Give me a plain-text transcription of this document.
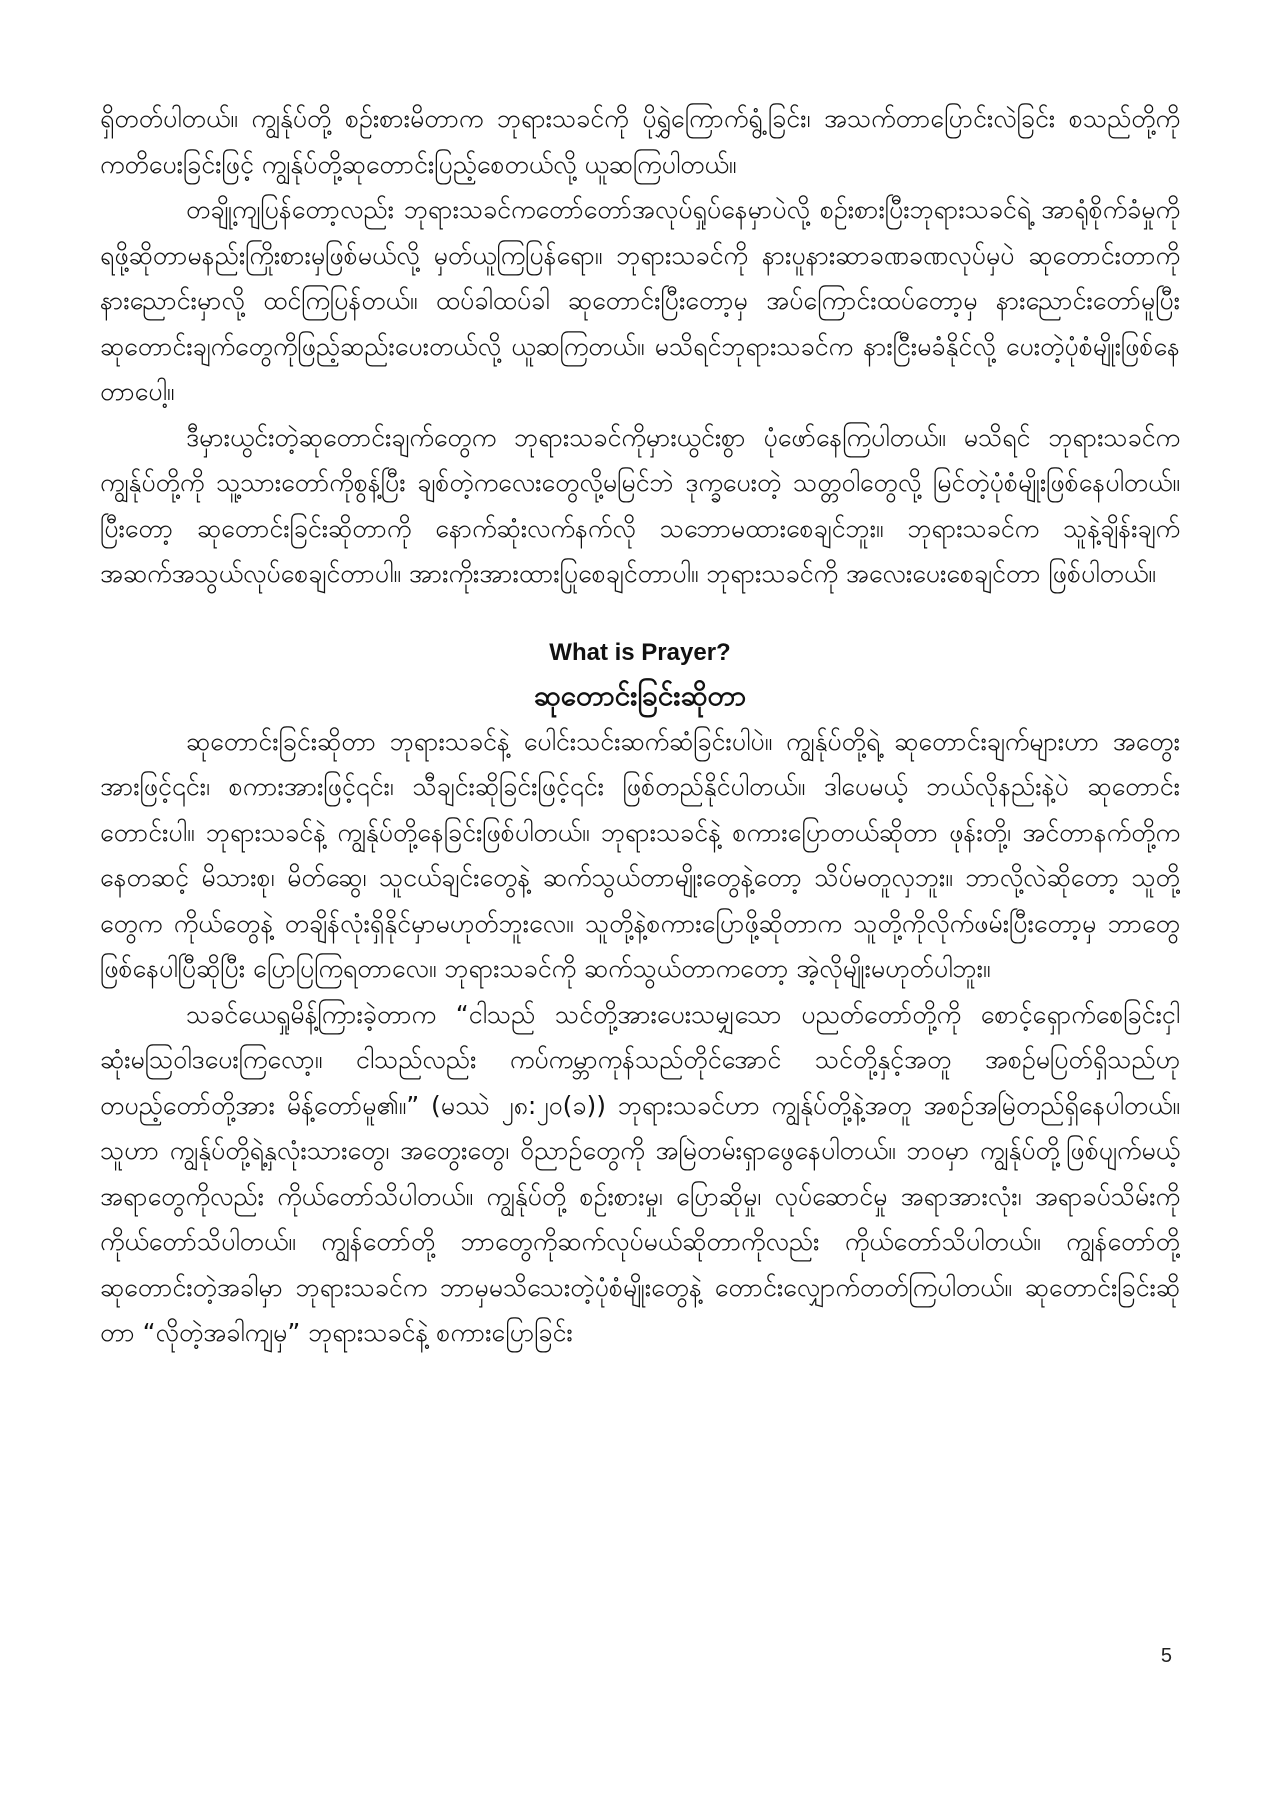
ရှိတတ်ပါတယ်။ ကျွန်ုပ်တို့ စဉ်းစားမိတာက ဘုရားသခင်ကို ပိုရွှဲကြောက်ရွံ့ခြင်း၊ အသက်တာပြောင်းလဲခြင်း စသည်တို့ကို ကတိပေးခြင်းဖြင့် ကျွန်ုပ်တို့ဆုတောင်းပြည့်စေတယ်လို့ ယူဆကြပါတယ်။

တချို့ကျပြန်တော့လည်း ဘုရားသခင်ကတော်တော်အလုပ်ရှုပ်နေမှာပဲလို့ စဉ်းစားပြီးဘုရားသခင်ရဲ့ အာရုံစိုက်ခံမှုကို ရဖို့ဆိုတာမနည်းကြိုးစားမှဖြစ်မယ်လို့ မှတ်ယူကြပြန်ရော။ ဘုရားသခင်ကို နားပူနားဆာခဏခဏလုပ်မှပဲ ဆုတောင်းတာကိုနားညောင်းမှာလို့ ထင်ကြပြန်တယ်။ ထပ်ခါထပ်ခါ ဆုတောင်းပြီးတော့မှ အပ်ကြောင်းထပ်တော့မှ နားညောင်းတော်မူပြီး ဆုတောင်းချက်တွေကိုဖြည့်ဆည်းပေးတယ်လို့ ယူဆကြတယ်။ မသိရင်ဘုရားသခင်က နားငြီးမခံနိုင်လို့ ပေးတဲ့ပုံစံမျိုးဖြစ်နေတာပေါ့။

ဒီမှားယွင်းတဲ့ဆုတောင်းချက်တွေက ဘုရားသခင်ကိုမှားယွင်းစွာ ပုံဖော်နေကြပါတယ်။ မသိရင် ဘုရားသခင်က ကျွန်ုပ်တို့ကို သူ့သားတော်ကိုစွန့်ပြီး ချစ်တဲ့ကလေးတွေလို့မမြင်ဘဲ ဒုက္ခပေးတဲ့ သတ္တဝါတွေလို့ မြင်တဲ့ပုံစံမျိုးဖြစ်နေပါတယ်။ ပြီးတော့ ဆုတောင်းခြင်းဆိုတာကို နောက်ဆုံးလက်နက်လို သဘောမထားစေချင်ဘူး။ ဘုရားသခင်က သူနဲ့ချိန်းချက် အဆက်အသွယ်လုပ်စေချင်တာပါ။ အားကိုးအားထားပြုစေချင်တာပါ။ ဘုရားသခင်ကို အလေးပေးစေချင်တာ ဖြစ်ပါတယ်။

What is Prayer?

ဆုတောင်းခြင်းဆိုတာ

ဆုတောင်းခြင်းဆိုတာ ဘုရားသခင်နဲ့ ပေါင်းသင်းဆက်ဆံခြင်းပါပဲ။ ကျွန်ုပ်တို့ရဲ့ ဆုတောင်းချက်များဟာ အတွေးအားဖြင့်၎င်း၊ စကားအားဖြင့်၎င်း၊ သီချင်းဆိုခြင်းဖြင့်၎င်း ဖြစ်တည်နိုင်ပါတယ်။ ဒါပေမယ့် ဘယ်လိုနည်းနဲ့ပဲ ဆုတောင်းတောင်းပါ။ ဘုရားသခင်နဲ့ ကျွန်ုပ်တို့နေခြင်းဖြစ်ပါတယ်။ ဘုရားသခင်နဲ့ စကားပြောတယ်ဆိုတာ ဖုန်းတို့၊ အင်တာနက်တို့ကနေတဆင့် မိသားစု၊ မိတ်ဆွေ၊ သူငယ်ချင်းတွေနဲ့ ဆက်သွယ်တာမျိုးတွေနဲ့တော့ သိပ်မတူလှဘူး။ ဘာလို့လဲဆိုတော့ သူတို့တွေက ကိုယ်တွေနဲ့ တချိန်လုံးရှိနိုင်မှာမဟုတ်ဘူးလေ။ သူတို့နဲ့စကားပြောဖို့ဆိုတာက သူတို့ကိုလိုက်ဖမ်းပြီးတော့မှ ဘာတွေဖြစ်နေပါပြီဆိုပြီး ပြောပြကြရတာလေ။ ဘုရားသခင်ကို ဆက်သွယ်တာကတော့ အဲ့လိုမျိုးမဟုတ်ပါဘူး။

သခင်ယေရှုမိန့်ကြားခဲ့တာက “ငါသည် သင်တို့အားပေးသမျှသော ပညတ်တော်တို့ကို စောင့်ရှောက်စေခြင်းငှါ ဆုံးမဩဝါဒပေးကြလော့။ ငါသည်လည်း ကပ်ကမ္ဘာကုန်သည်တိုင်အောင် သင်တို့နှင့်အတူ အစဉ်မပြတ်ရှိသည်ဟု တပည့်တော်တို့အား မိန့်တော်မူ၏။” (မဿဲ ၂၈:၂၀(ခ)) ဘုရားသခင်ဟာ ကျွန်ုပ်တို့နဲ့အတူ အစဉ်အမြဲတည်ရှိနေပါတယ်။ သူဟာ ကျွန်ုပ်တို့ရဲ့နှလုံးသားတွေ၊ အတွေးတွေ၊ ဝိညာဉ်တွေကို အမြဲတမ်းရှာဖွေနေပါတယ်။ ဘဝမှာ ကျွန်ုပ်တို့ဖြစ်ပျက်မယ့်အရာတွေကိုလည်း ကိုယ်တော်သိပါတယ်။ ကျွန်ုပ်တို့ စဉ်းစားမှု၊ ပြောဆိုမှု၊ လုပ်ဆောင်မှု အရာအားလုံး၊ အရာခပ်သိမ်းကို ကိုယ်တော်သိပါတယ်။ ကျွန်တော်တို့ ဘာတွေကိုဆက်လုပ်မယ်ဆိုတာကိုလည်း ကိုယ်တော်သိပါတယ်။ ကျွန်တော်တို့ဆုတောင်းတဲ့အခါမှာ ဘုရားသခင်က ဘာမှမသိသေးတဲ့ပုံစံမျိုးတွေနဲ့ တောင်းလျှောက်တတ်ကြပါတယ်။ ဆုတောင်းခြင်းဆိုတာ “လိုတဲ့အခါကျမှ” ဘုရားသခင်နဲ့ စကားပြောခြင်း

5
